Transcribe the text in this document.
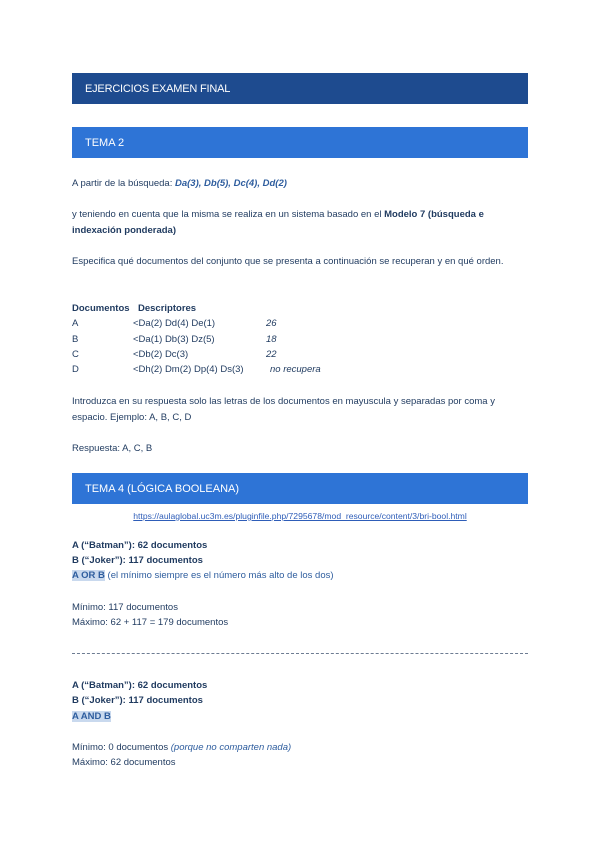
EJERCICIOS EXAMEN FINAL
TEMA 2
A partir de la búsqueda: Da(3), Db(5), Dc(4), Dd(2)
y teniendo en cuenta que la misma se realiza en un sistema basado en el Modelo 7 (búsqueda e indexación ponderada)
Especifica qué documentos del conjunto que se presenta a continuación se recuperan y en qué orden.
Documentos Descriptores
A	<Da(2) Dd(4) De(1)	26
B	<Da(1) Db(3) Dz(5)	18
C	<Db(2) Dc(3)	22
D	<Dh(2) Dm(2) Dp(4) Ds(3)	no recupera
Introduzca en su respuesta solo las letras de los documentos en mayuscula y separadas por coma y espacio. Ejemplo: A, B, C, D
Respuesta: A, C, B
TEMA 4 (LÓGICA BOOLEANA)
https://aulaglobal.uc3m.es/pluginfile.php/7295678/mod_resource/content/3/bri-bool.html
A (“Batman”): 62 documentos
B (“Joker”): 117 documentos
A OR B (el mínimo siempre es el número más alto de los dos)
Mínimo: 117 documentos
Máximo: 62 + 117 = 179 documentos
A (“Batman”): 62 documentos
B (“Joker”): 117 documentos
A AND B
Mínimo: 0 documentos (porque no comparten nada)
Máximo: 62 documentos
